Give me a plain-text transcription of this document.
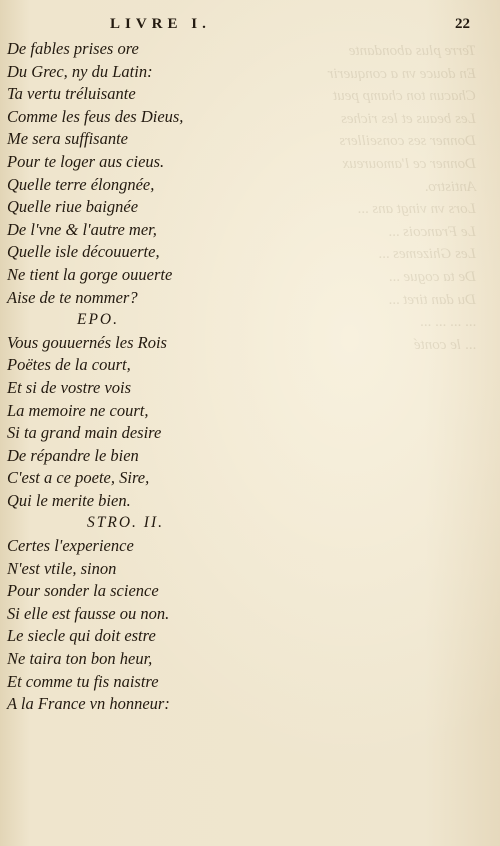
Terre plus abondante
En douce vn a conquerir
Chacun ton champ peut
Les beaus et les riches
Donner ses conseillers
Donner ce l'amoureux
Antistro.
Lors vn vingt ans ...
Le Francois ...
Les Ghizemes ...
De ta cogue ...
Du dan tiret ...
... ... ... ...
... le conté
LIVRE I.	22
De fables prises ore
Du Grec, ny du Latin:
Ta vertu tréluisante
Comme les feus des Dieus,
Me sera suffisante
Pour te loger aus cieus.
Quelle terre élongnée,
Quelle riue baignée
De l'vne & l'autre mer,
Quelle isle découuerte,
Ne tient la gorge ouuerte
Aise de te nommer?
EPO.
Vous gouuernés les Rois
Poëtes de la court,
Et si de vostre vois
La memoire ne court,
Si ta grand main desire
De répandre le bien
C'est a ce poete, Sire,
Qui le merite bien.
STRO. II.
Certes l'experience
N'est vtile, sinon
Pour sonder la science
Si elle est fausse ou non.
Le siecle qui doit estre
Ne taira ton bon heur,
Et comme tu fis naistre
A la France vn honneur:
